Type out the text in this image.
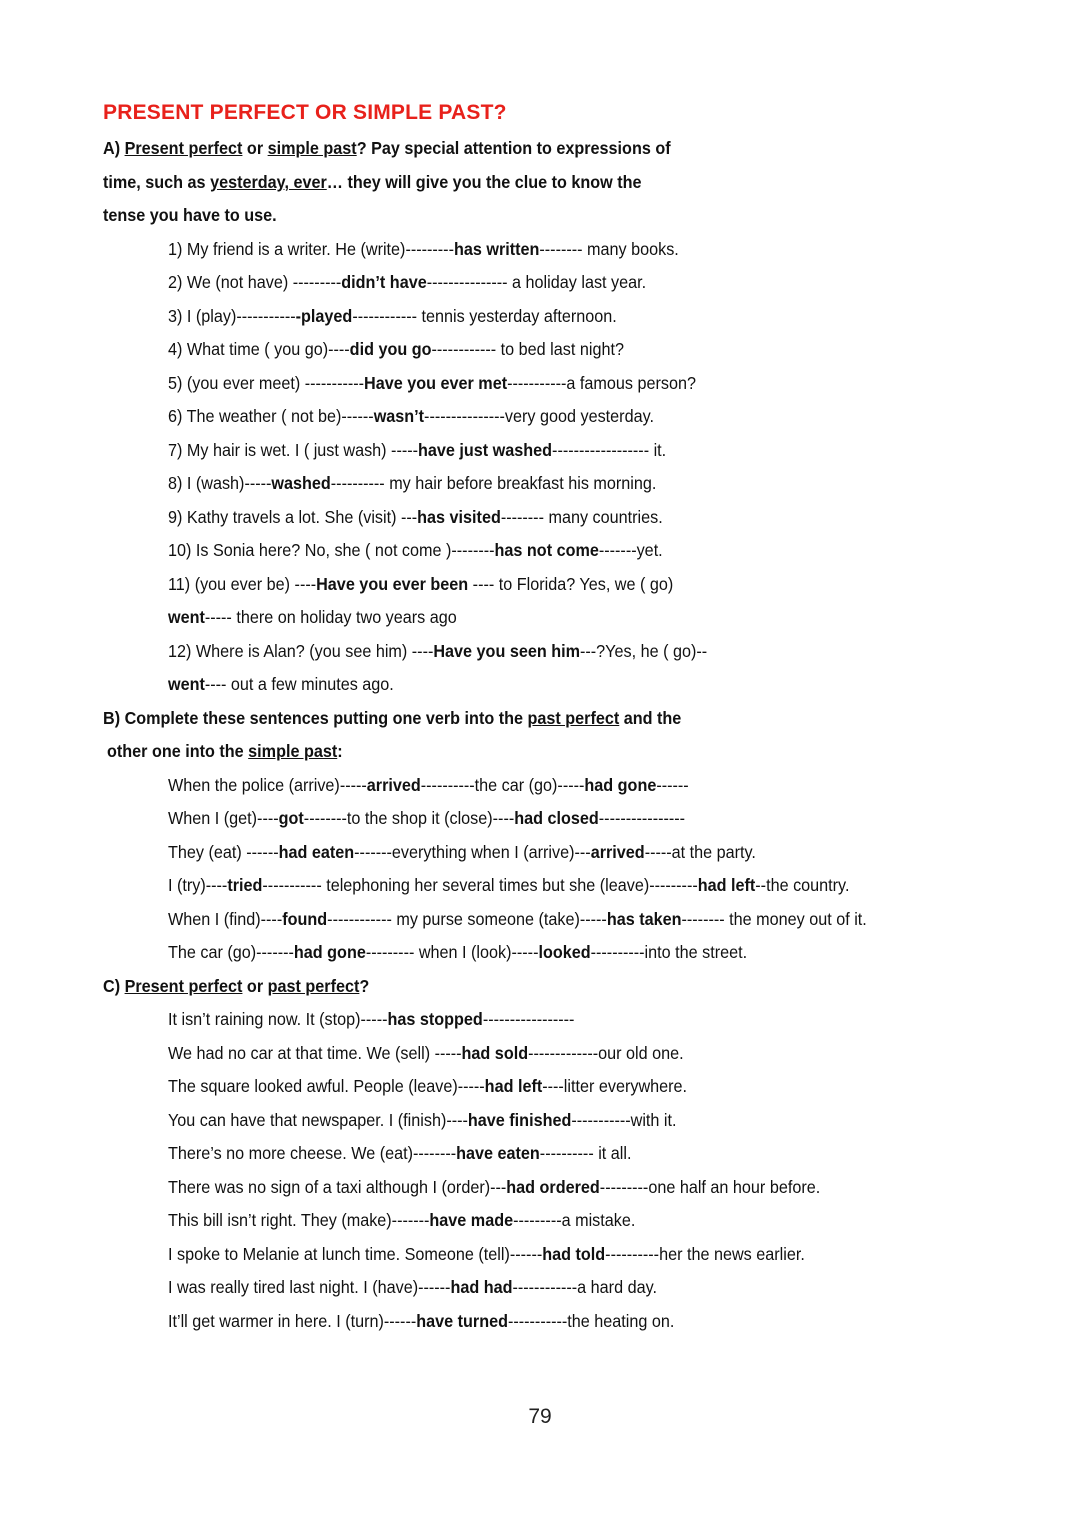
PRESENT PERFECT OR SIMPLE PAST?
A) Present perfect or simple past? Pay special attention to expressions of
time, such as yesterday, ever… they will give you the clue to know the
tense you have to use.
1) My friend is a writer. He (write)---------has written-------- many books.
2) We (not have) ---------didn’t have--------------- a holiday last year.
3) I (play)------------played------------ tennis yesterday afternoon.
4) What time ( you go)----did you go------------ to bed last night?
5) (you ever meet) -----------Have you ever met-----------a famous person?
6) The weather ( not be)------wasn’t---------------very good yesterday.
7) My hair is wet. I ( just wash) -----have just washed------------------ it.
8) I (wash)-----washed---------- my hair before breakfast his morning.
9) Kathy travels a lot. She (visit) ---has visited-------- many countries.
10) Is Sonia here? No, she ( not come )--------has not come-------yet.
11) (you ever be) ----Have you ever been ---- to Florida? Yes, we ( go)
went----- there on holiday two years ago
12) Where is Alan? (you see him) ----Have you seen him---?Yes, he ( go)--
went---- out a few minutes ago.
B) Complete these sentences putting one verb into the past perfect and the
other one into the simple past:
When the police (arrive)-----arrived----------the car (go)-----had gone------
When I (get)----got--------to the shop it (close)----had closed----------------
They (eat) ------had eaten-------everything when I (arrive)---arrived-----at the party.
I (try)----tried----------- telephoning her several times but she (leave)---------had left--the country.
When I (find)----found------------ my purse someone (take)-----has taken-------- the money out of it.
The car (go)-------had gone--------- when I (look)-----looked----------into the street.
C) Present perfect or past perfect?
It isn’t raining now. It (stop)-----has stopped-----------------
We had no car at that time. We (sell) -----had sold-------------our old one.
The square looked awful. People (leave)-----had left----litter everywhere.
You can have that newspaper. I (finish)----have finished-----------with it.
There’s no more cheese. We (eat)--------have eaten---------- it all.
There was no sign of a taxi although I (order)---had ordered---------one half an hour before.
This bill isn’t right. They (make)-------have made---------a mistake.
I spoke to Melanie at lunch time. Someone (tell)------had told----------her the news earlier.
I was really tired last night. I (have)------had had------------a hard day.
It’ll get warmer in here. I (turn)------have turned-----------the heating on.
79
